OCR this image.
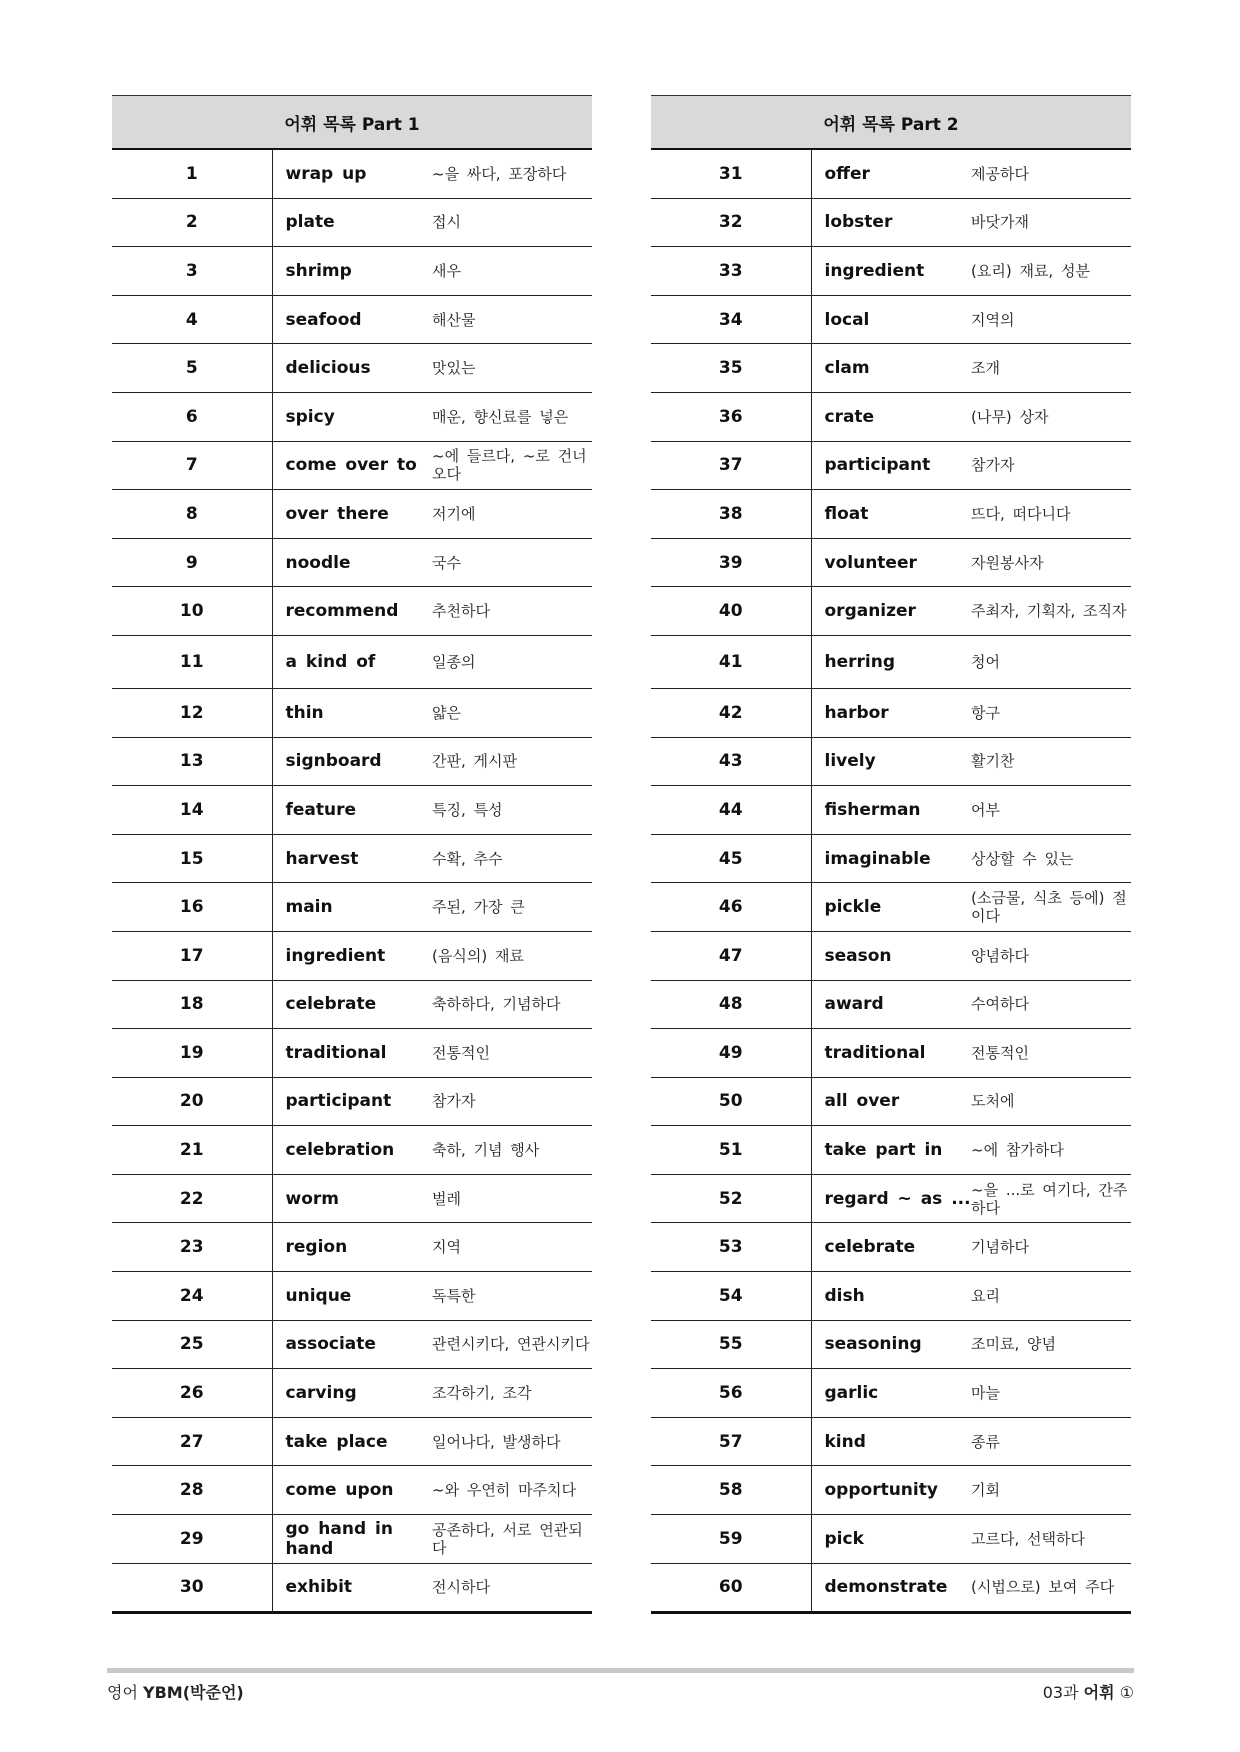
어휘 목록 Part 1		
1	wrap up	~을 싸다, 포장하다
2	plate	접시
3	shrimp	새우
4	seafood	해산물
5	delicious	맛있는
6	spicy	매운, 향신료를 넣은
7	come over to	~에 들르다, ~로 건너오다
8	over there	저기에
9	noodle	국수
10	recommend	추천하다
11	a kind of	일종의
12	thin	얇은
13	signboard	간판, 게시판
14	feature	특징, 특성
15	harvest	수확, 추수
16	main	주된, 가장 큰
17	ingredient	(음식의) 재료
18	celebrate	축하하다, 기념하다
19	traditional	전통적인
20	participant	참가자
21	celebration	축하, 기념 행사
22	worm	벌레
23	region	지역
24	unique	독특한
25	associate	관련시키다, 연관시키다
26	carving	조각하기, 조각
27	take place	일어나다, 발생하다
28	come upon	~와 우연히 마주치다
29	go hand in hand	공존하다, 서로 연관되다
30	exhibit	전시하다
어휘 목록 Part 2		
31	offer	제공하다
32	lobster	바닷가재
33	ingredient	(요리) 재료, 성분
34	local	지역의
35	clam	조개
36	crate	(나무) 상자
37	participant	참가자
38	float	뜨다, 떠다니다
39	volunteer	자원봉사자
40	organizer	주최자, 기획자, 조직자
41	herring	청어
42	harbor	항구
43	lively	활기찬
44	fisherman	어부
45	imaginable	상상할 수 있는
46	pickle	(소금물, 식초 등에) 절이다
47	season	양념하다
48	award	수여하다
49	traditional	전통적인
50	all over	도처에
51	take part in	~에 참가하다
52	regard ~ as ...	~을 ...로 여기다, 간주하다
53	celebrate	기념하다
54	dish	요리
55	seasoning	조미료, 양념
56	garlic	마늘
57	kind	종류
58	opportunity	기회
59	pick	고르다, 선택하다
60	demonstrate	(시법으로) 보여 주다
영어 YBM(박준언)	03과 어휘 ①
